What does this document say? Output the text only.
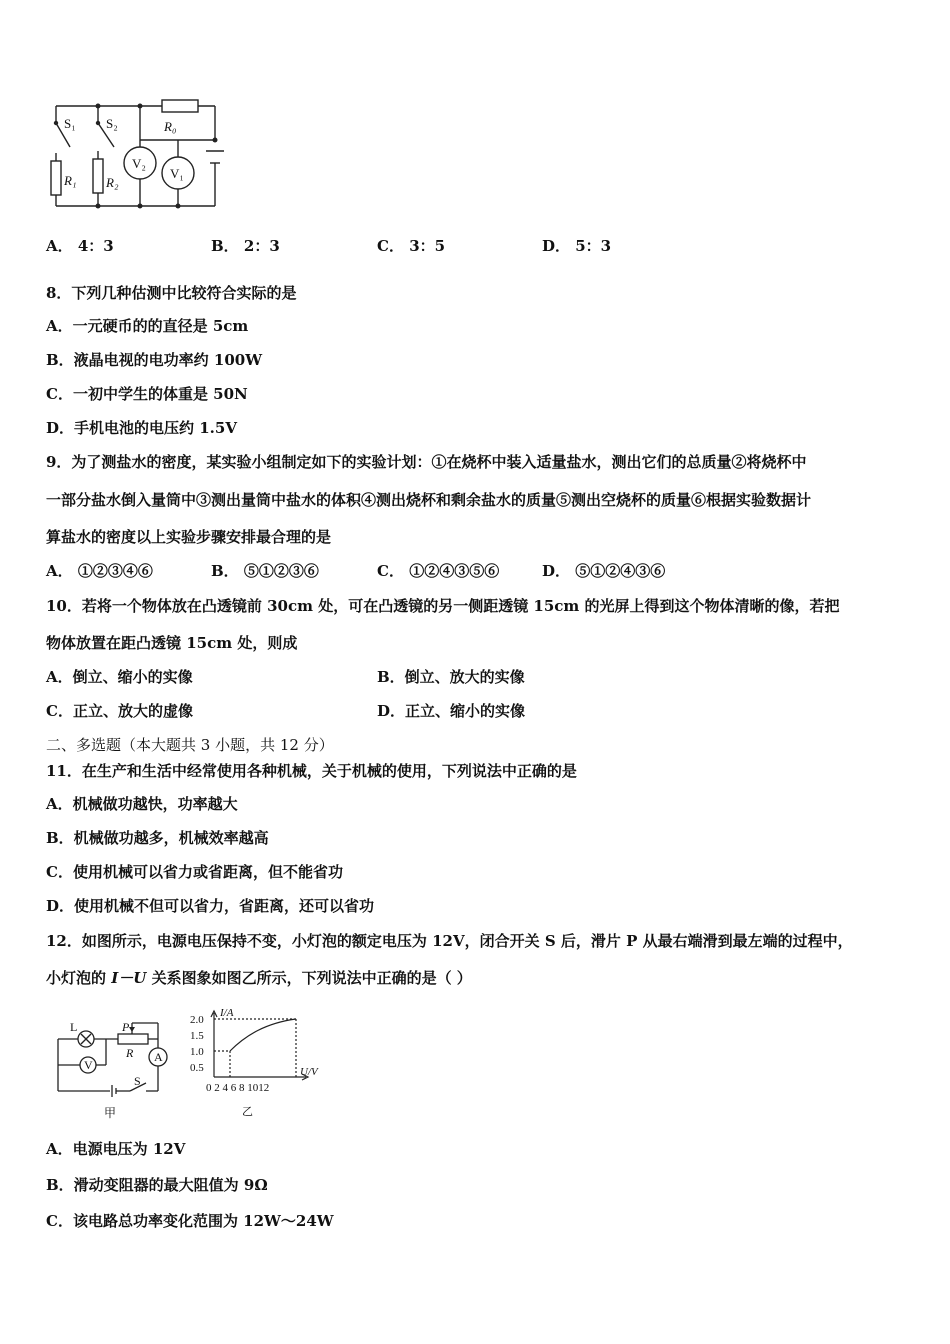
S₁ S₂	R₀
R₁ R₂
V₂
V₁
A． 4：3	B． 2：3	C． 3：5	D． 5：3
8．下列几种估测中比较符合实际的是
A．一元硬币的的直径是 5cm
B．液晶电视的电功率约 100W
C．一初中学生的体重是 50N
D．手机电池的电压约 1.5V
9．为了测盐水的密度，某实验小组制定如下的实验计划：①在烧杯中装入适量盐水，测出它们的总质量②将烧杯中
一部分盐水倒入量筒中③测出量筒中盐水的体积④测出烧杯和剩余盐水的质量⑤测出空烧杯的质量⑥根据实验数据计
算盐水的密度以上实验步骤安排最合理的是
A． ①②③④⑥	B． ⑤①②③⑥	C． ①②④③⑤⑥	D． ⑤①②④③⑥
10．若将一个物体放在凸透镜前 30cm 处，可在凸透镜的另一侧距透镜 15cm 的光屏上得到这个物体清晰的像，若把
物体放置在距凸透镜 15cm 处，则成
A．倒立、缩小的实像	B．倒立、放大的实像
C．正立、放大的虚像	D．正立、缩小的实像
二、多选题（本大题共 3 小题，共 12 分）
11．在生产和生活中经常使用各种机械，关于机械的使用，下列说法中正确的是
A．机械做功越快，功率越大
B．机械做功越多，机械效率越高
C．使用机械可以省力或省距离，但不能省功
D．使用机械不但可以省力，省距离，还可以省功
12．如图所示，电源电压保持不变，小灯泡的额定电压为 12V，闭合开关 S 后，滑片 P 从最右端滑到最左端的过程中，
小灯泡的 I－U 关系图象如图乙所示，下列说法中正确的是（ ）
L	P
R A
V
S
甲
I/A
U/V
2.0
1.5
1.0
0.5
0 2 4 6 8 1012
乙
A．电源电压为 12V
B．滑动变阻器的最大阻值为 9Ω
C．该电路总功率变化范围为 12W～24W
